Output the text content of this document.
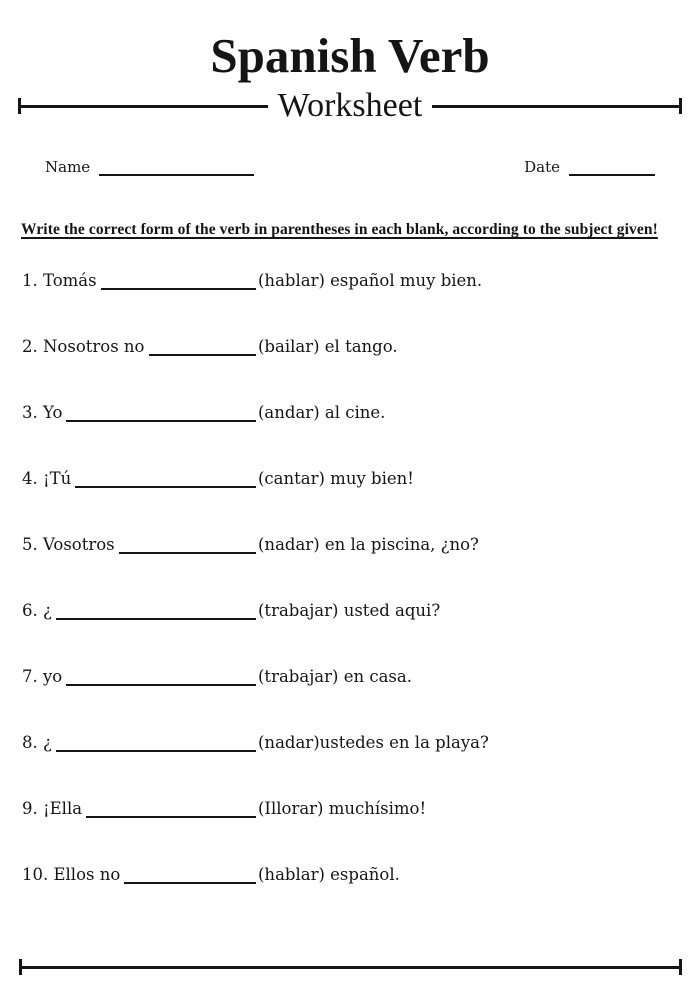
Spanish Verb
Worksheet
Name	Date
Write the correct form of the verb in parentheses in each blank, according to the subject given!
1. Tomás	(hablar) español muy bien.
2. Nosotros no	(bailar) el tango.
3. Yo	(andar) al cine.
4. ¡Tú	(cantar) muy bien!
5. Vosotros	(nadar) en la piscina, ¿no?
6. ¿	(trabajar) usted aqui?
7. yo	(trabajar) en casa.
8. ¿	(nadar)ustedes en la playa?
9. ¡Ella	(Illorar) muchísimo!
10. Ellos no	(hablar) español.
